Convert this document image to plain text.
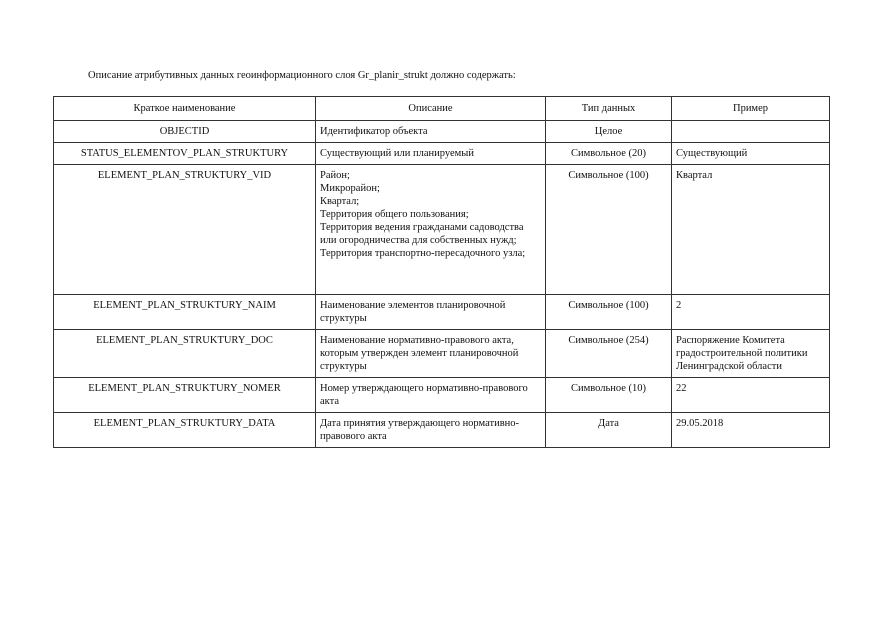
Описание атрибутивных данных геоинформационного слоя Gr_planir_strukt должно содержать:
Краткое наименование	Описание	Тип данных	Пример
OBJECTID	Идентификатор объекта	Целое	
STATUS_ELEMENTOV_PLAN_STRUKTURY	Существующий или планируемый	Символьное (20)	Существующий
ELEMENT_PLAN_STRUKTURY_VID	Район;
Микрорайон;
Квартал;
Территория общего пользования;
Территория ведения гражданами садоводства или огородничества для собственных нужд; Территория транспортно-пересадочного узла;	Символьное (100)	Квартал
ELEMENT_PLAN_STRUKTURY_NAIM	Наименование элементов планировочной структуры	Символьное (100)	2
ELEMENT_PLAN_STRUKTURY_DOC	Наименование нормативно-правового акта, которым утвержден элемент планировочной структуры	Символьное (254)	Распоряжение Комитета градостроительной политики Ленинградской области
ELEMENT_PLAN_STRUKTURY_NOMER	Номер утверждающего нормативно-правового акта	Символьное (10)	22
ELEMENT_PLAN_STRUKTURY_DATA	Дата принятия утверждающего нормативно-правового акта	Дата	29.05.2018
